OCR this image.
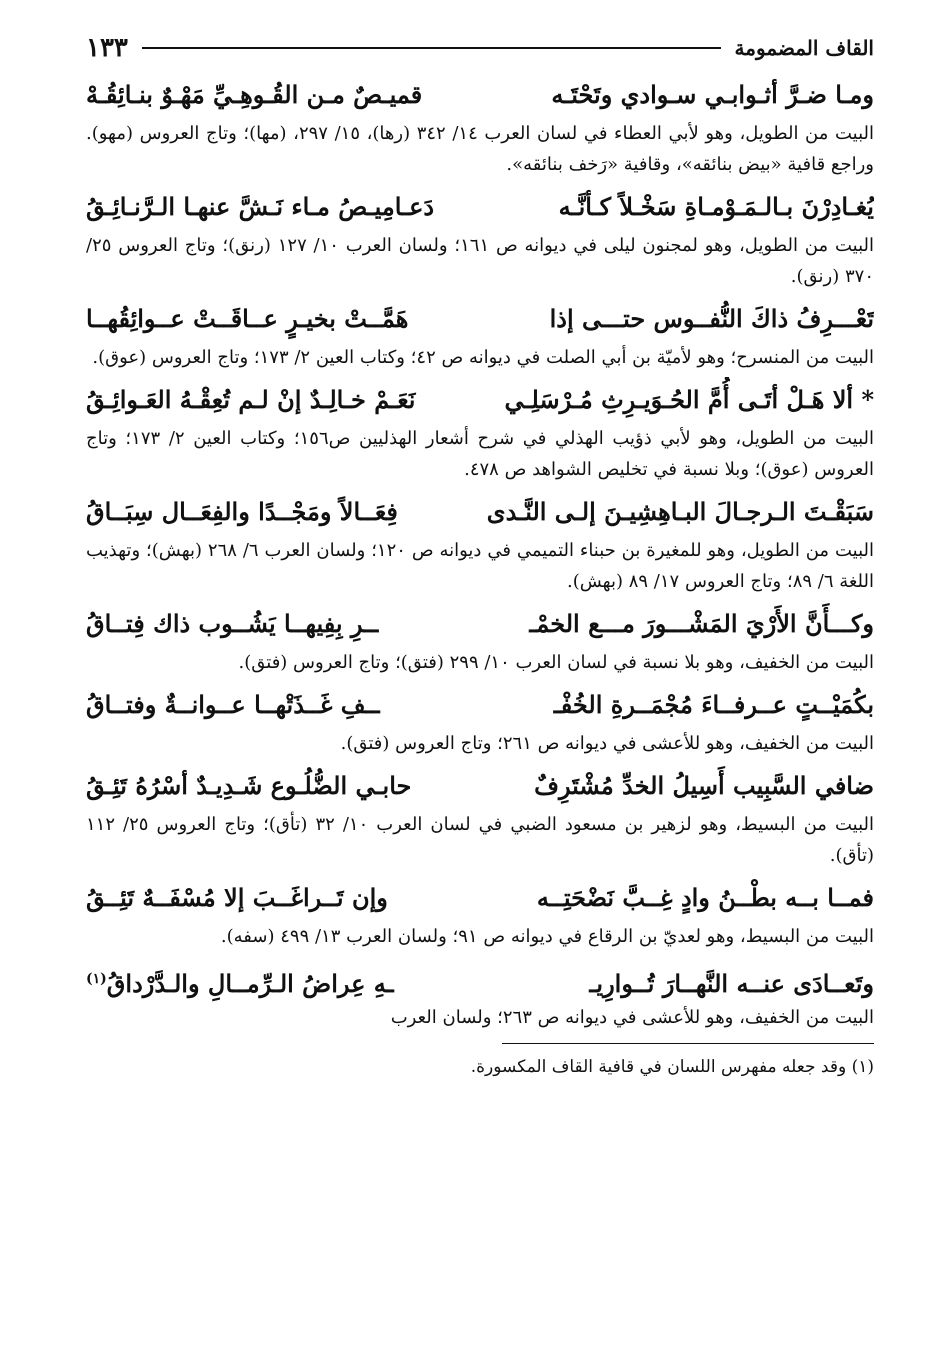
القاف المضمومة
١٣٣
ومـا ضـرَّ أثـوابـي سـوادي وتَحْتَـه
قميـصٌ مـن القُـوهِـيِّ مَهْـوٌ بنـائِقُـهْ

البيت من الطويل، وهو لأبي العطاء في لسان العرب ١٤/ ٣٤٢ (رها)، ١٥/ ٢٩٧، (مها)؛ وتاج العروس (مهو). وراجع قافية «بيض بنائقه»، وقافية «رَخف بنائقه».

يُغـادِرْنَ بـالـمَـوْمـاةِ سَخْـلاً كـأنَّـه
دَعـامِيـصُ مـاء نَـشَّ عنهـا الـرَّنـائِـقُ

البيت من الطويل، وهو لمجنون ليلى في ديوانه ص ١٦١؛ ولسان العرب ١٠/ ١٢٧ (رنق)؛ وتاج العروس ٢٥/ ٣٧٠ (رنق).

تَعْـــرِفُ ذاكَ النُّفــوس حتـــى إذا
هَمَّــتْ بخيـرٍ عــاقَــتْ عــوائِقُهــا

البيت من المنسرح؛ وهو لأميّة بن أبي الصلت في ديوانه ص ٤٢؛ وكتاب العين ٢/ ١٧٣؛ وتاج العروس (عوق).

* ألا هَـلْ أتَـى أُمَّ الحُـوَيـرِثِ مُـرْسَلِـي
نَعَـمْ خـالِـدٌ إنْ لـم تُعِقْـهُ العَـوائِـقُ

البيت من الطويل، وهو لأبي ذؤيب الهذلي في شرح أشعار الهذليين ص١٥٦؛ وكتاب العين ٢/ ١٧٣؛ وتاج العروس (عوق)؛ وبلا نسبة في تخليص الشواهد ص ٤٧٨.

سَبَقْـتَ الـرجـالَ البـاهِشِيـنَ إلـى النَّـدى
فِعَــالاً ومَجْــدًا والفِعَــال سِبَــاقُ

البيت من الطويل، وهو للمغيرة بن حبناء التميمي في ديوانه ص ١٢٠؛ ولسان العرب ٦/ ٢٦٨ (بهش)؛ وتهذيب اللغة ٦/ ٨٩؛ وتاج العروس ١٧/ ٨٩ (بهش).

وكـــأَنَّ الأَرْيَ المَشْـــورَ مـــع الخمْـ
ــرِ بِفِيهــا يَشُــوب ذاك فِتــاقُ

البيت من الخفيف، وهو بلا نسبة في لسان العرب ١٠/ ٢٩٩ (فتق)؛ وتاج العروس (فتق).

بكُمَيْــتٍ عــرفــاءَ مُجْمَــرةِ الخُفْـ
ــفِ غَــذَتْهــا عــوانــةٌ وفتــاقُ

البيت من الخفيف، وهو للأعشى في ديوانه ص ٢٦١؛ وتاج العروس (فتق).

ضافي السَّبِيب أَسِيلُ الخدِّ مُشْتَرِفٌ
حابـي الضُّلُـوع شَـدِيـدٌ أسْرُهُ تَئِـقُ

البيت من البسيط، وهو لزهير بن مسعود الضبي في لسان العرب ١٠/ ٣٢ (تأق)؛ وتاج العروس ٢٥/ ١١٢ (تأق).

فمــا بــه بطْــنُ وادٍ غِــبَّ نَضْحَتِــه
وإن تَــراغَــبَ إلا مُسْفَــهٌ تَئِــقُ

البيت من البسيط، وهو لعديّ بن الرقاع في ديوانه ص ٩١؛ ولسان العرب ١٣/ ٤٩٩ (سفه).

وتَعــادَى عنــه النَّهــارَ تُــوارِيـ
ـهِ عِراضُ الـرِّمــالِ والـدَّرْداقُ$^{(١)}$

البيت من الخفيف، وهو للأعشى في ديوانه ص ٢٦٣؛ ولسان العرب

(١) وقد جعله مفهرس اللسان في قافية القاف المكسورة.
